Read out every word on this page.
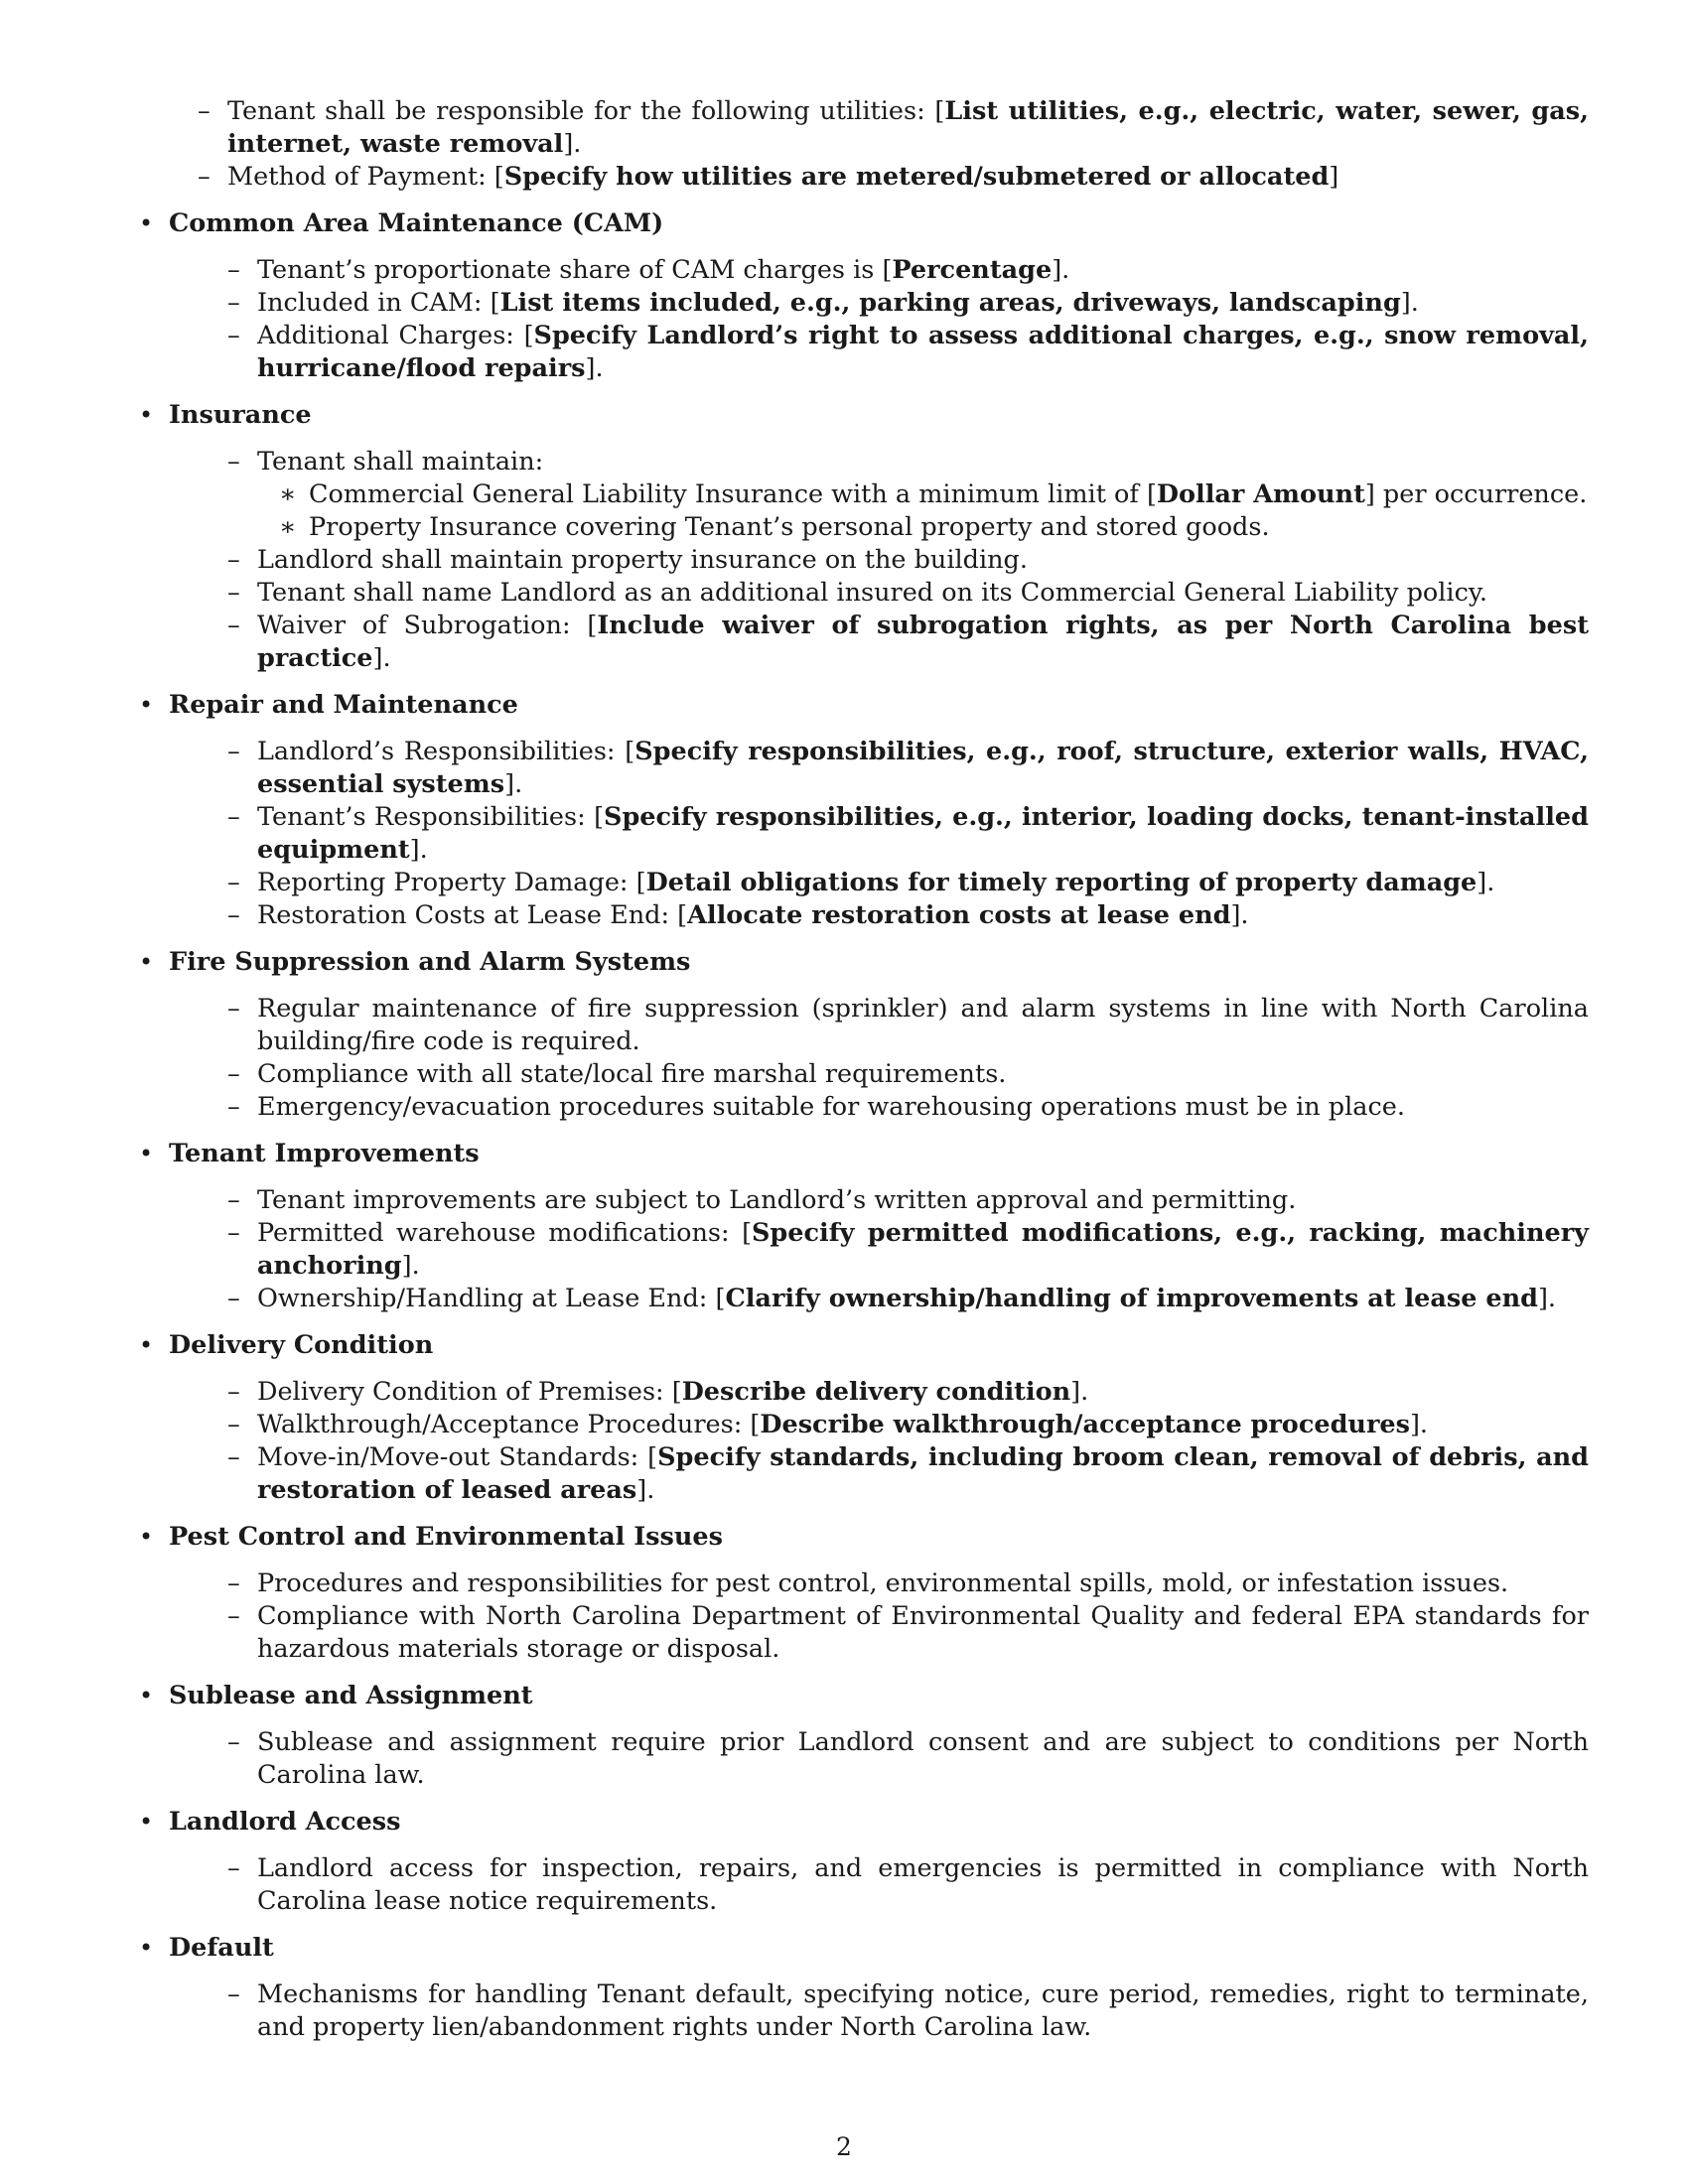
– Tenant shall be responsible for the following utilities: [List utilities, e.g., electric, water, sewer, gas, internet, waste removal].
– Method of Payment: [Specify how utilities are metered/submetered or allocated]
• Common Area Maintenance (CAM)
– Tenant’s proportionate share of CAM charges is [Percentage].
– Included in CAM: [List items included, e.g., parking areas, driveways, landscaping].
– Additional Charges: [Specify Landlord’s right to assess additional charges, e.g., snow removal, hurricane/flood repairs].
• Insurance
– Tenant shall maintain:
∗ Commercial General Liability Insurance with a minimum limit of [Dollar Amount] per occurrence.
∗ Property Insurance covering Tenant’s personal property and stored goods.
– Landlord shall maintain property insurance on the building.
– Tenant shall name Landlord as an additional insured on its Commercial General Liability policy.
– Waiver of Subrogation: [Include waiver of subrogation rights, as per North Carolina best practice].
• Repair and Maintenance
– Landlord’s Responsibilities: [Specify responsibilities, e.g., roof, structure, exterior walls, HVAC, essential systems].
– Tenant’s Responsibilities: [Specify responsibilities, e.g., interior, loading docks, tenant-installed equipment].
– Reporting Property Damage: [Detail obligations for timely reporting of property damage].
– Restoration Costs at Lease End: [Allocate restoration costs at lease end].
• Fire Suppression and Alarm Systems
– Regular maintenance of fire suppression (sprinkler) and alarm systems in line with North Carolina building/fire code is required.
– Compliance with all state/local fire marshal requirements.
– Emergency/evacuation procedures suitable for warehousing operations must be in place.
• Tenant Improvements
– Tenant improvements are subject to Landlord’s written approval and permitting.
– Permitted warehouse modifications: [Specify permitted modifications, e.g., racking, machinery anchoring].
– Ownership/Handling at Lease End: [Clarify ownership/handling of improvements at lease end].
• Delivery Condition
– Delivery Condition of Premises: [Describe delivery condition].
– Walkthrough/Acceptance Procedures: [Describe walkthrough/acceptance procedures].
– Move-in/Move-out Standards: [Specify standards, including broom clean, removal of debris, and restoration of leased areas].
• Pest Control and Environmental Issues
– Procedures and responsibilities for pest control, environmental spills, mold, or infestation issues.
– Compliance with North Carolina Department of Environmental Quality and federal EPA standards for hazardous materials storage or disposal.
• Sublease and Assignment
– Sublease and assignment require prior Landlord consent and are subject to conditions per North Carolina law.
• Landlord Access
– Landlord access for inspection, repairs, and emergencies is permitted in compliance with North Carolina lease notice requirements.
• Default
– Mechanisms for handling Tenant default, specifying notice, cure period, remedies, right to terminate, and property lien/abandonment rights under North Carolina law.
2
